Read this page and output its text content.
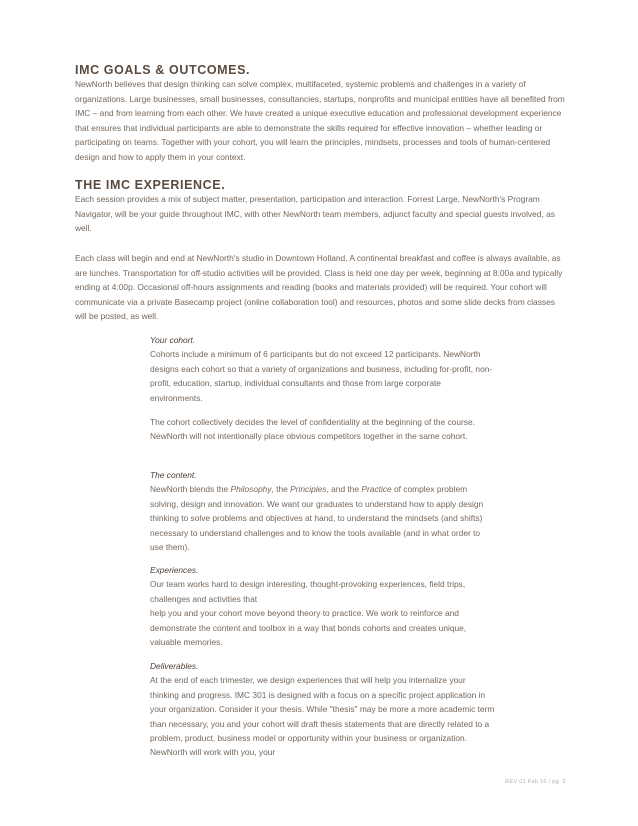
IMC GOALS & OUTCOMES.

NewNorth believes that design thinking can solve complex, multifaceted, systemic problems and challenges in a variety of organizations. Large businesses, small businesses, consultancies, startups, nonprofits and municipal entities have all benefited from IMC – and from learning from each other. We have created a unique executive education and professional development experience that ensures that individual participants are able to demonstrate the skills required for effective innovation – whether leading or participating on teams. Together with your cohort, you will learn the principles, mindsets, processes and tools of human-centered design and how to apply them in your context.

THE IMC EXPERIENCE.

Each session provides a mix of subject matter, presentation, participation and interaction. Forrest Large, NewNorth's Program Navigator, will be your guide throughout IMC, with other NewNorth team members, adjunct faculty and special guests involved, as well.

Each class will begin and end at NewNorth's studio in Downtown Holland. A continental breakfast and coffee is always available, as are lunches. Transportation for off-studio activities will be provided. Class is held one day per week, beginning at 8:00a and typically ending at 4:00p. Occasional off-hours assignments and reading (books and materials provided) will be required. Your cohort will communicate via a private Basecamp project (online collaboration tool) and resources, photos and some slide decks from classes will be posted, as well.

Your cohort.
Cohorts include a minimum of 6 participants but do not exceed 12 participants. NewNorth designs each cohort so that a variety of organizations and business, including for-profit, non-profit, education, startup, individual consultants and those from large corporate environments.

The cohort collectively decides the level of confidentiality at the beginning of the course. NewNorth will not intentionally place obvious competitors together in the same cohort.

The content.
NewNorth blends the Philosophy, the Principles, and the Practice of complex problem solving, design and innovation. We want our graduates to understand how to apply design thinking to solve problems and objectives at hand, to understand the mindsets (and shifts) necessary to understand challenges and to know the tools available (and in what order to use them).
Experiences.
Our team works hard to design interesting, thought-provoking experiences, field trips, challenges and activities that
help you and your cohort move beyond theory to practice. We work to reinforce and demonstrate the content and toolbox in a way that bonds cohorts and creates unique, valuable memories.
Deliverables.
At the end of each trimester, we design experiences that will help you internalize your thinking and progress. IMC 301 is designed with a focus on a specific project application in your organization. Consider it your thesis. While "thesis" may be more a more academic term than necessary, you and your cohort will draft thesis statements that are directly related to a problem, product, business model or opportunity within your business or organization. NewNorth will work with you, your
REV 01 Feb 16 / pg. 2
